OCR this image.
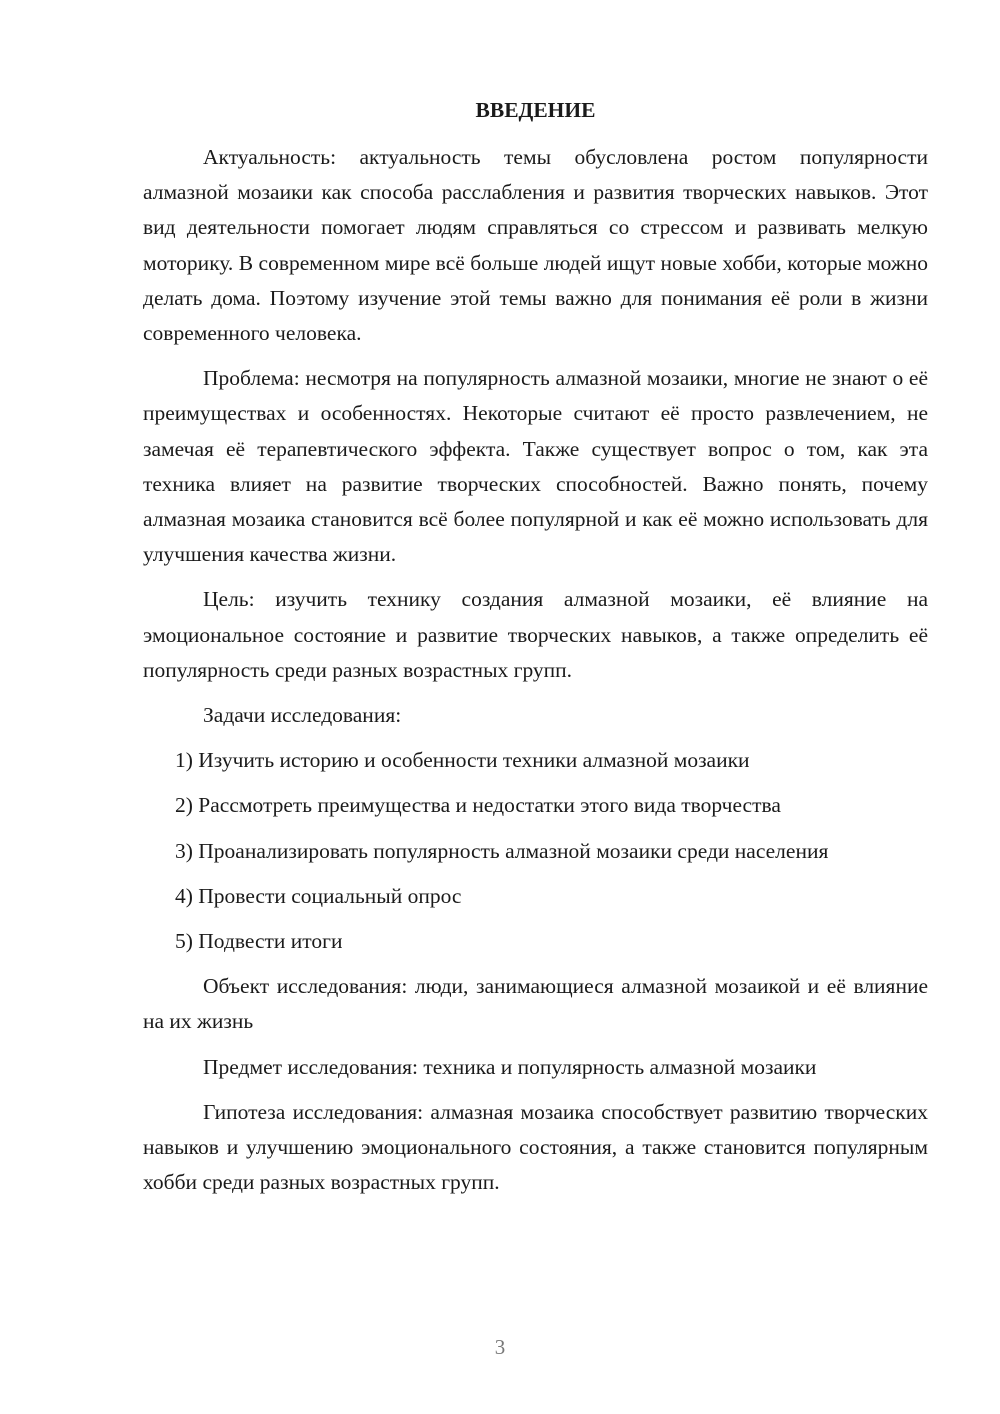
ВВЕДЕНИЕ

Актуальность: актуальность темы обусловлена ростом популярности алмазной мозаики как способа расслабления и развития творческих навыков. Этот вид деятельности помогает людям справляться со стрессом и развивать мелкую моторику. В современном мире всё больше людей ищут новые хобби, которые можно делать дома. Поэтому изучение этой темы важно для понимания её роли в жизни современного человека.

Проблема: несмотря на популярность алмазной мозаики, многие не знают о её преимуществах и особенностях. Некоторые считают её просто развлечением, не замечая её терапевтического эффекта. Также существует вопрос о том, как эта техника влияет на развитие творческих способностей. Важно понять, почему алмазная мозаика становится всё более популярной и как её можно использовать для улучшения качества жизни.

Цель: изучить технику создания алмазной мозаики, её влияние на эмоциональное состояние и развитие творческих навыков, а также определить её популярность среди разных возрастных групп.

Задачи исследования:

1) Изучить историю и особенности техники алмазной мозаики

2) Рассмотреть преимущества и недостатки этого вида творчества

3) Проанализировать популярность алмазной мозаики среди населения

4) Провести социальный опрос

5) Подвести итоги

Объект исследования: люди, занимающиеся алмазной мозаикой и её влияние на их жизнь

Предмет исследования: техника и популярность алмазной мозаики

Гипотеза исследования: алмазная мозаика способствует развитию творческих навыков и улучшению эмоционального состояния, а также становится популярным хобби среди разных возрастных групп.

3
